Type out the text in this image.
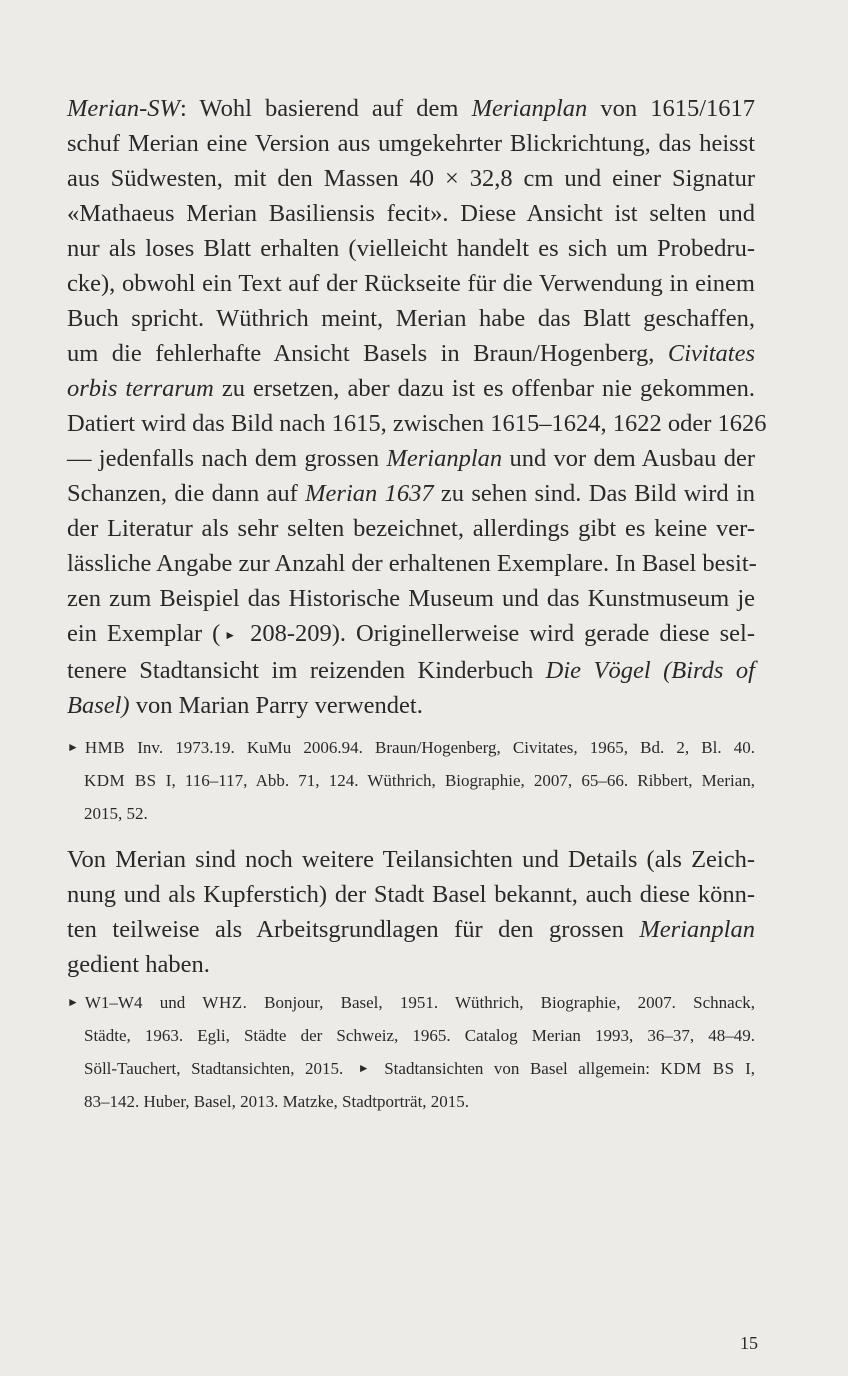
Merian-SW: Wohl basierend auf dem Merianplan von 1615/1617
schuf Merian eine Version aus umgekehrter Blickrichtung, das heisst
aus Südwesten, mit den Massen 40 × 32,8 cm und einer Signatur
«Mathaeus Merian Basiliensis fecit». Diese Ansicht ist selten und
nur als loses Blatt erhalten (vielleicht handelt es sich um Probedru-
cke), obwohl ein Text auf der Rückseite für die Verwendung in einem
Buch spricht. Wüthrich meint, Merian habe das Blatt geschaffen,
um die fehlerhafte Ansicht Basels in Braun/Hogenberg, Civitates
orbis terrarum zu ersetzen, aber dazu ist es offenbar nie gekommen.
Datiert wird das Bild nach 1615, zwischen 1615–1624, 1622 oder 1626
— jedenfalls nach dem grossen Merianplan und vor dem Ausbau der
Schanzen, die dann auf Merian 1637 zu sehen sind. Das Bild wird in
der Literatur als sehr selten bezeichnet, allerdings gibt es keine ver-
lässliche Angabe zur Anzahl der erhaltenen Exemplare. In Basel besit-
zen zum Beispiel das Historische Museum und das Kunstmuseum je
ein Exemplar ( ► 208-209). Originellerweise wird gerade diese sel-
tenere Stadtansicht im reizenden Kinderbuch Die Vögel (Birds of
Basel) von Marian Parry verwendet.
► HMB Inv. 1973.19. KuMu 2006.94. Braun/Hogenberg, Civitates, 1965, Bd. 2, Bl. 40.
KDM BS I, 116–117, Abb. 71, 124. Wüthrich, Biographie, 2007, 65–66. Ribbert, Merian,
2015, 52.
Von Merian sind noch weitere Teilansichten und Details (als Zeich-
nung und als Kupferstich) der Stadt Basel bekannt, auch diese könn-
ten teilweise als Arbeitsgrundlagen für den grossen Merianplan
gedient haben.
► W1–W4 und WHZ. Bonjour, Basel, 1951. Wüthrich, Biographie, 2007. Schnack,
Städte, 1963. Egli, Städte der Schweiz, 1965. Catalog Merian 1993, 36–37, 48–49.
Söll-Tauchert, Stadtansichten, 2015. ► Stadtansichten von Basel allgemein: KDM BS I,
83–142. Huber, Basel, 2013. Matzke, Stadtporträt, 2015.
15
